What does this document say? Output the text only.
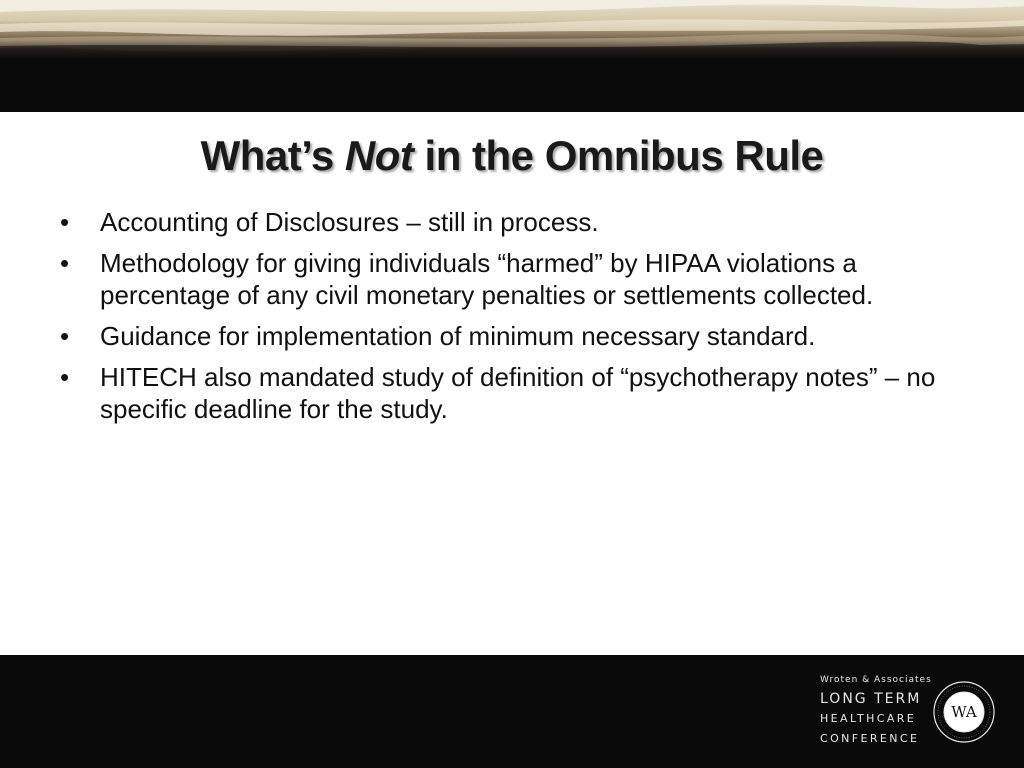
What’s Not in the Omnibus Rule
• Accounting of Disclosures – still in process.
• Methodology for giving individuals “harmed” by HIPAA violations a percentage of any civil monetary penalties or settlements collected.
• Guidance for implementation of minimum necessary standard.
• HITECH also mandated study of definition of “psychotherapy notes” – no specific deadline for the study.
Wroten & Associates
LONG TERM
HEALTHCARE
CONFERENCE
WA
